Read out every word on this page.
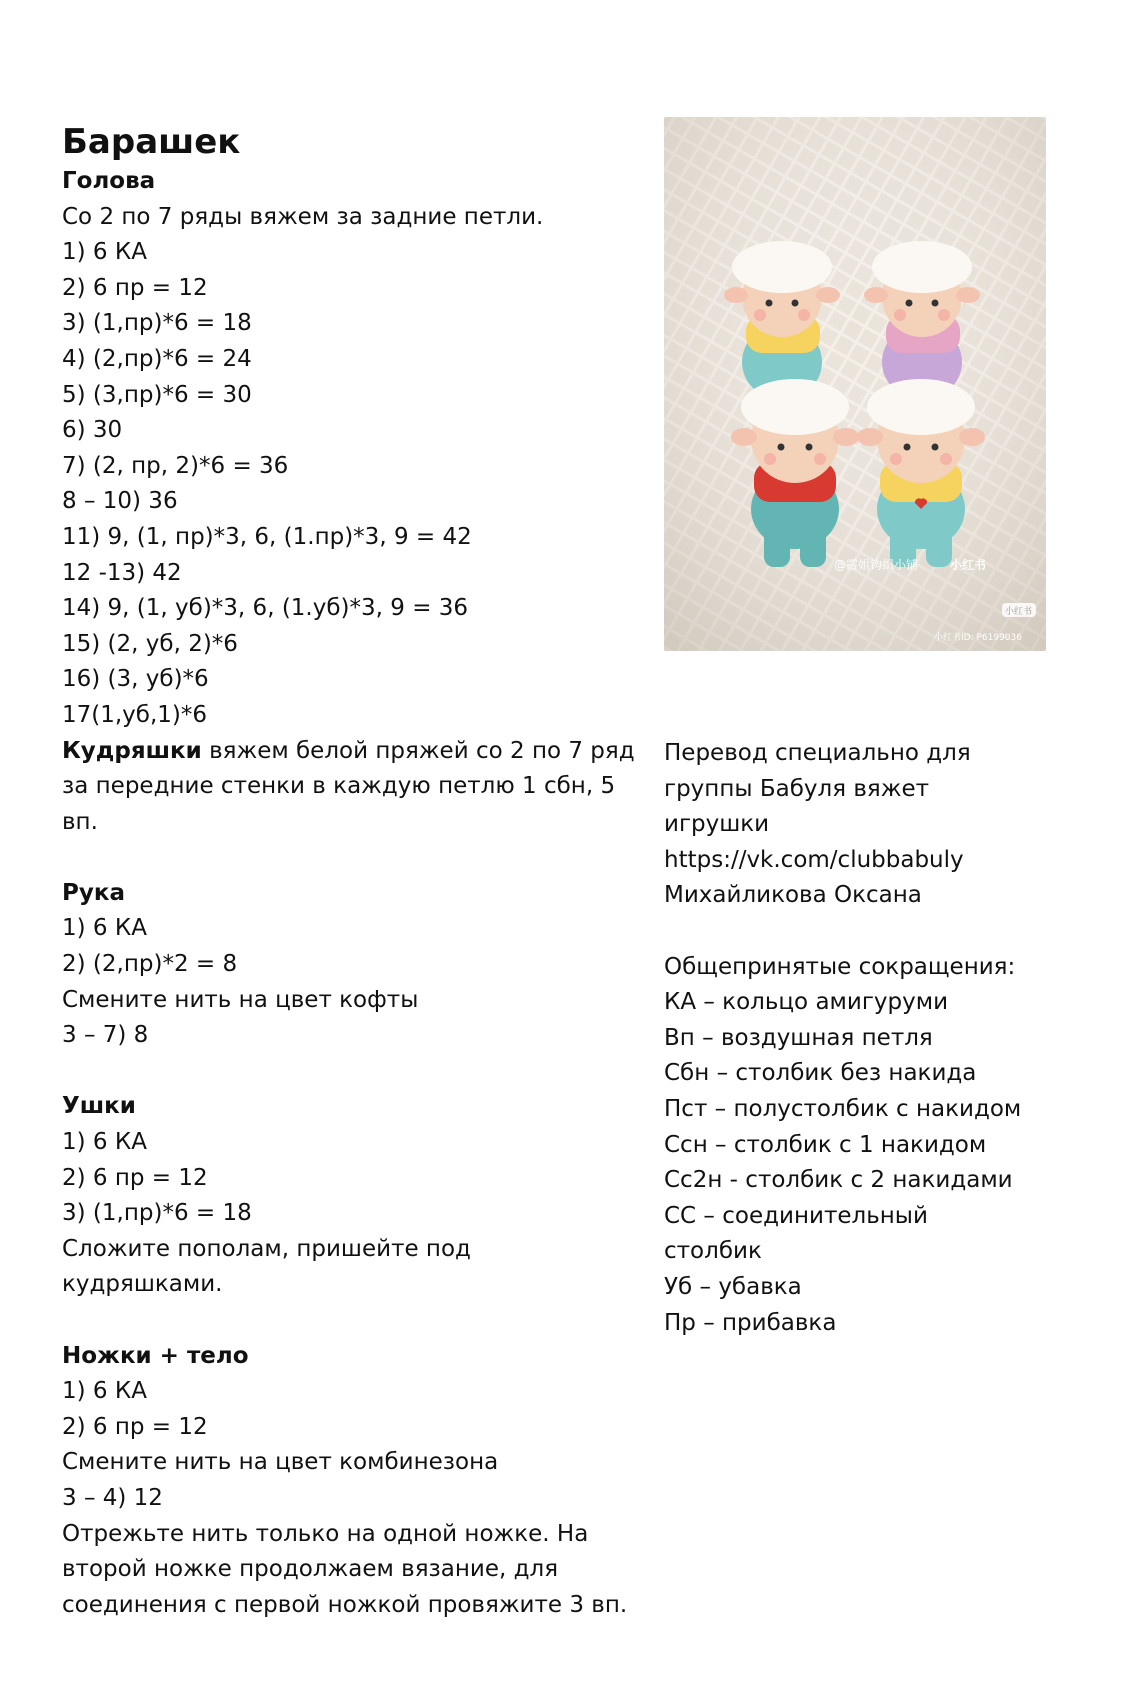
Барашек
Голова
Со 2 по 7 ряды вяжем за задние петли.
1) 6 КА
2) 6 пр = 12
3) (1,пр)*6 = 18
4) (2,пр)*6 = 24
5) (3,пр)*6 = 30
6) 30
7) (2, пр, 2)*6 = 36
8 – 10) 36
11) 9, (1, пр)*3, 6, (1.пр)*3, 9 = 42
12 -13) 42
14) 9, (1, уб)*3, 6, (1.уб)*3, 9 = 36
15) (2, уб, 2)*6
16) (3, уб)*6
17(1,уб,1)*6
Кудряшки вяжем белой пряжей со 2 по 7 ряд
за передние стенки в каждую петлю 1 сбн, 5
вп.
Рука
1) 6 КА
2) (2,пр)*2 = 8
Смените нить на цвет кофты
3 – 7) 8
Ушки
1) 6 КА
2) 6 пр = 12
3) (1,пр)*6 = 18
Сложите пополам, пришейте под
кудряшками.
Ножки + тело
1) 6 КА
2) 6 пр = 12
Смените нить на цвет комбинезона
3 – 4) 12
Отрежьте нить только на одной ножке. На
второй ножке продолжаем вязание, для
соединения с первой ножкой провяжите 3 вп.
@霞姐钩织小铺	小红书
小红书
小红书ID: P6199036
Перевод специально для
группы Бабуля вяжет
игрушки
https://vk.com/clubbabuly
Михайликова Оксана
Общепринятые сокращения:
КА – кольцо амигуруми
Вп – воздушная петля
Сбн – столбик без накида
Пст – полустолбик с накидом
Ссн – столбик с 1 накидом
Сс2н - столбик с 2 накидами
СС – соединительный
столбик
Уб – убавка
Пр – прибавка
